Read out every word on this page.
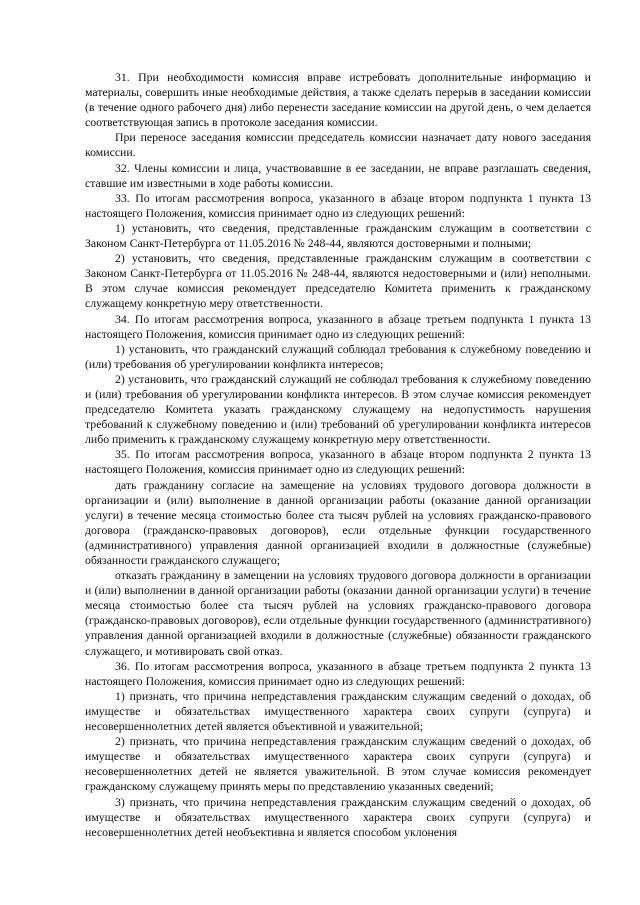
31. При необходимости комиссия вправе истребовать дополнительные информацию и материалы, совершить иные необходимые действия, а также сделать перерыв в заседании комиссии (в течение одного рабочего дня) либо перенести заседание комиссии на другой день, о чем делается соответствующая запись в протоколе заседания комиссии.

При переносе заседания комиссии председатель комиссии назначает дату нового заседания комиссии.

32. Члены комиссии и лица, участвовавшие в ее заседании, не вправе разглашать сведения, ставшие им известными в ходе работы комиссии.

33. По итогам рассмотрения вопроса, указанного в абзаце втором подпункта 1 пункта 13 настоящего Положения, комиссия принимает одно из следующих решений:

1) установить, что сведения, представленные гражданским служащим в соответствии с Законом Санкт-Петербурга от 11.05.2016 № 248-44, являются достоверными и полными;

2) установить, что сведения, представленные гражданским служащим в соответствии с Законом Санкт-Петербурга от 11.05.2016 № 248-44, являются недостоверными и (или) неполными. В этом случае комиссия рекомендует председателю Комитета применить к гражданскому служащему конкретную меру ответственности.

34. По итогам рассмотрения вопроса, указанного в абзаце третьем подпункта 1 пункта 13 настоящего Положения, комиссия принимает одно из следующих решений:

1) установить, что гражданский служащий соблюдал требования к служебному поведению и (или) требования об урегулировании конфликта интересов;

2) установить, что гражданский служащий не соблюдал требования к служебному поведению и (или) требования об урегулировании конфликта интересов. В этом случае комиссия рекомендует председателю Комитета указать гражданскому служащему на недопустимость нарушения требований к служебному поведению и (или) требований об урегулировании конфликта интересов либо применить к гражданскому служащему конкретную меру ответственности.

35. По итогам рассмотрения вопроса, указанного в абзаце втором подпункта 2 пункта 13 настоящего Положения, комиссия принимает одно из следующих решений:

дать гражданину согласие на замещение на условиях трудового договора должности в организации и (или) выполнение в данной организации работы (оказание данной организации услуги) в течение месяца стоимостью более ста тысяч рублей на условиях гражданско-правового договора (гражданско-правовых договоров), если отдельные функции государственного (административного) управления данной организацией входили в должностные (служебные) обязанности гражданского служащего;

отказать гражданину в замещении на условиях трудового договора должности в организации и (или) выполнении в данной организации работы (оказании данной организации услуги) в течение месяца стоимостью более ста тысяч рублей на условиях гражданско-правового договора (гражданско-правовых договоров), если отдельные функции государственного (административного) управления данной организацией входили в должностные (служебные) обязанности гражданского служащего, и мотивировать свой отказ.

36. По итогам рассмотрения вопроса, указанного в абзаце третьем подпункта 2 пункта 13 настоящего Положения, комиссия принимает одно из следующих решений:

1) признать, что причина непредставления гражданским служащим сведений о доходах, об имуществе и обязательствах имущественного характера своих супруги (супруга) и несовершеннолетних детей является объективной и уважительной;

2) признать, что причина непредставления гражданским служащим сведений о доходах, об имуществе и обязательствах имущественного характера своих супруги (супруга) и несовершеннолетних детей не является уважительной. В этом случае комиссия рекомендует гражданскому служащему принять меры по представлению указанных сведений;

3) признать, что причина непредставления гражданским служащим сведений о доходах, об имуществе и обязательствах имущественного характера своих супруги (супруга) и несовершеннолетних детей необъективна и является способом уклонения
